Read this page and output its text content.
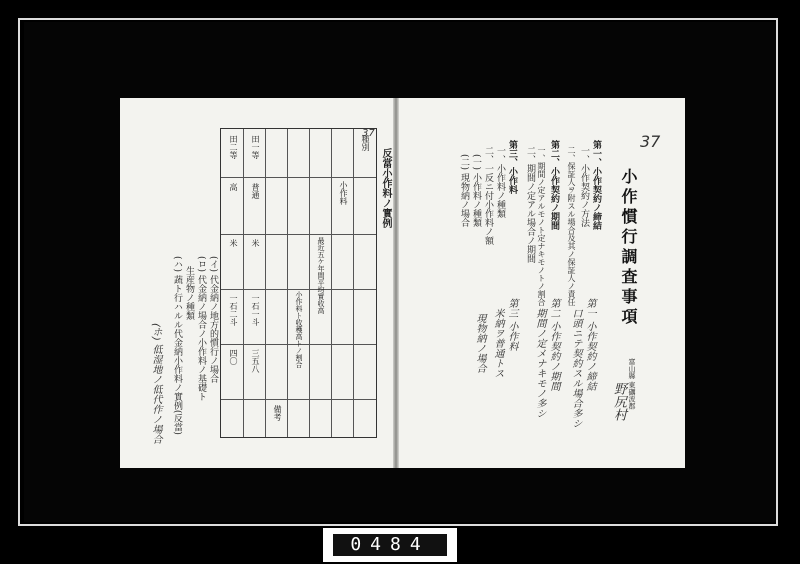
37
反當小作料ノ實例
種別
小作料
最近五ケ年間平均實收高
小作料ト收穫高トノ割合
備考
田一等
普通
米
一石一斗
三五八
田二等
高
米
一石二斗
四〇
(イ) 代金納ノ地方的慣行ノ場合
(ロ) 代金納ノ場合ノ小作料ノ基礎ト
生産物ノ種類
(ハ) 蔬ト行ハルル代金納小作料ノ實例(反當)
(ホ) 低湿地ノ低代作ノ場合
37
小作慣行調査事項
富山縣 東礪波郡
野尻村
第一、小作契約ノ締結
一、小作契約ノ方法
二、保証人ヲ附スル場合及其ノ保証人ノ責任
第二、小作契約ノ期間
一、期間ノ定アルモノト定ナキモノトノ割合
二、期間ノ定アル場合ノ期間
第三、小作料
一、小作料ノ種類
二、一反ニ付小作料ノ額
(一) 小作料ノ種類
(二) 現物納ノ場合
第一 小作契約ノ締結
口頭ニテ契約スル場合多シ
第二 小作契約ノ期間
期間ノ定メナキモノ多シ
第三 小作料
米納ヲ普通トス
現物納ノ場合
0484
